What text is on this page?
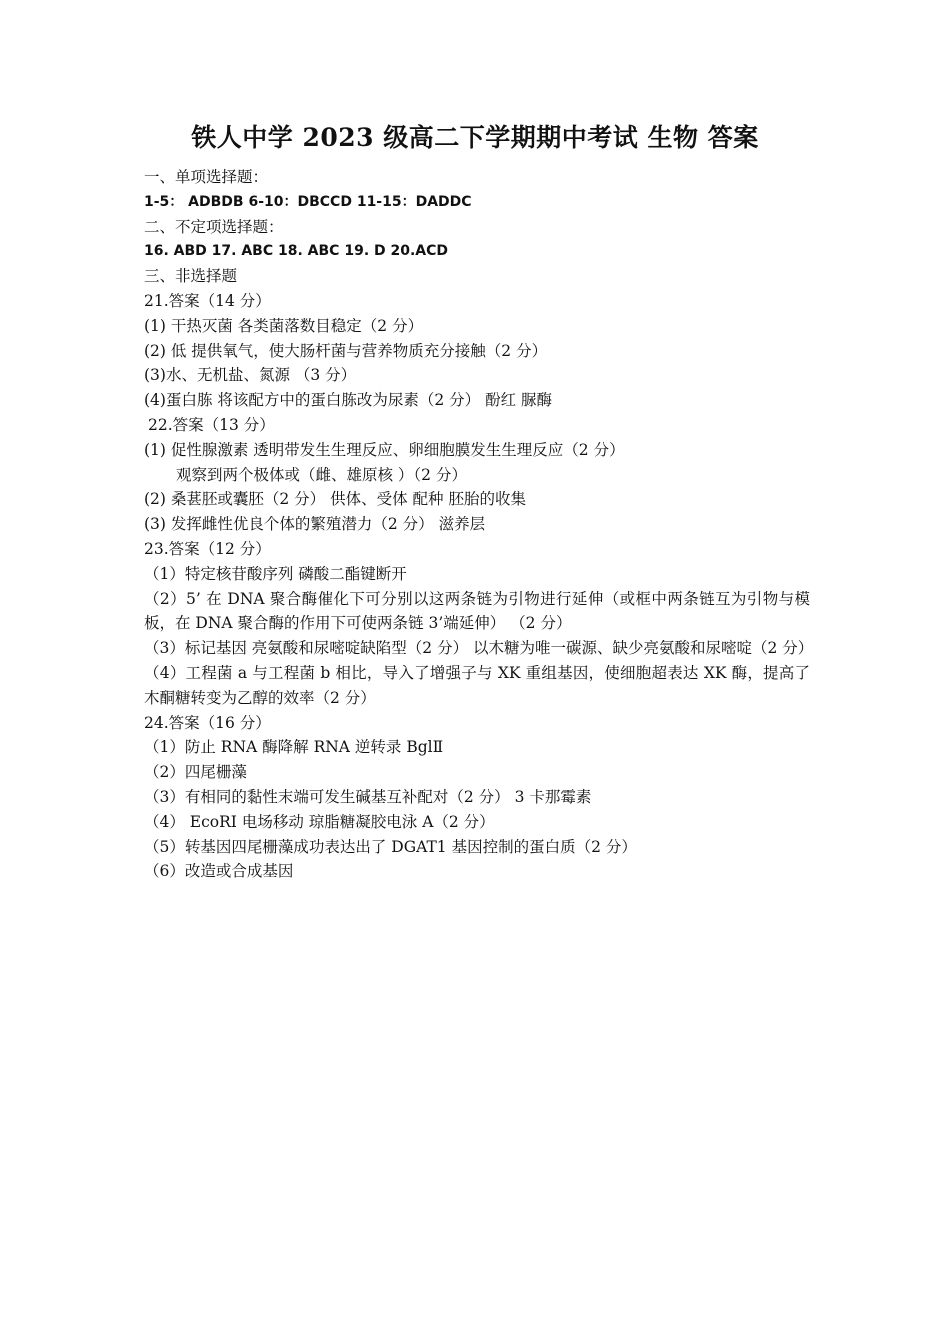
铁人中学 2023 级高二下学期期中考试 生物 答案
一、单项选择题：
1-5： ADBDB 6-10：DBCCD 11-15：DADDC
二、不定项选择题：
16. ABD 17. ABC 18. ABC 19. D 20.ACD
三、非选择题
21.答案（14 分）
(1) 干热灭菌 各类菌落数目稳定（2 分）
(2) 低 提供氧气，使大肠杆菌与营养物质充分接触（2 分）
(3)水、无机盐、氮源 （3 分）
(4)蛋白胨 将该配方中的蛋白胨改为尿素（2 分） 酚红 脲酶
22.答案（13 分）
(1) 促性腺激素 透明带发生生理反应、卵细胞膜发生生理反应（2 分）
观察到两个极体或（雌、雄原核 ）（2 分）
(2) 桑葚胚或囊胚（2 分） 供体、受体 配种 胚胎的收集
(3) 发挥雌性优良个体的繁殖潜力（2 分） 滋养层
23.答案（12 分）
（1）特定核苷酸序列 磷酸二酯键断开
（2）5’ 在 DNA 聚合酶催化下可分别以这两条链为引物进行延伸（或框中两条链互为引物与模板，在 DNA 聚合酶的作用下可使两条链 3’端延伸） （2 分）
（3）标记基因 亮氨酸和尿嘧啶缺陷型（2 分） 以木糖为唯一碳源、缺少亮氨酸和尿嘧啶（2 分）
（4）工程菌 a 与工程菌 b 相比，导入了增强子与 XK 重组基因，使细胞超表达 XK 酶，提高了木酮糖转变为乙醇的效率（2 分）
24.答案（16 分）
（1）防止 RNA 酶降解 RNA 逆转录 BglⅡ
（2）四尾栅藻
（3）有相同的黏性末端可发生碱基互补配对（2 分） 3 卡那霉素
（4） EcoRI 电场移动 琼脂糖凝胶电泳 A（2 分）
（5）转基因四尾栅藻成功表达出了 DGAT1 基因控制的蛋白质（2 分）
（6）改造或合成基因
